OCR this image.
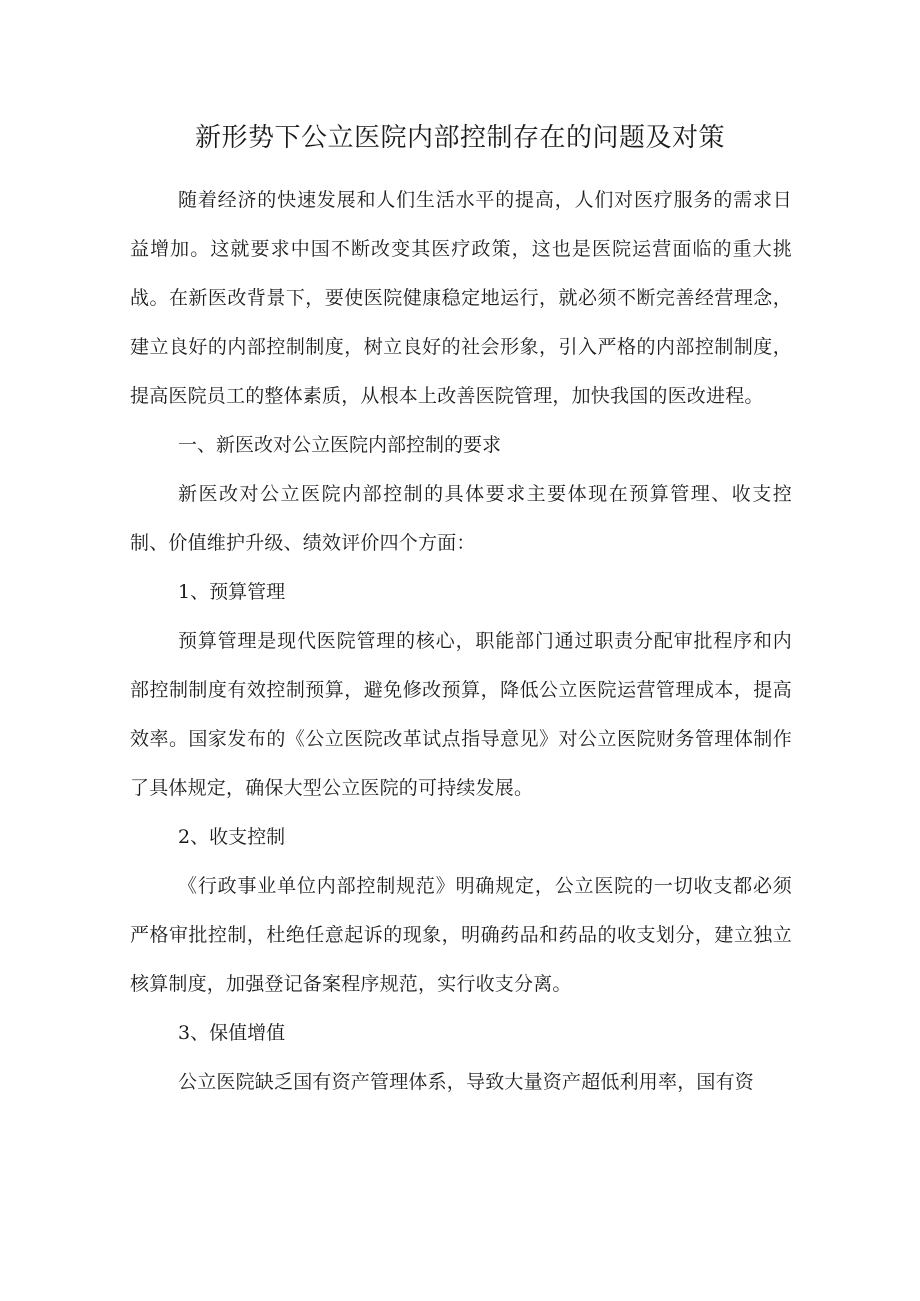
新形势下公立医院内部控制存在的问题及对策

随着经济的快速发展和人们生活水平的提高，人们对医疗服务的需求日益增加。这就要求中国不断改变其医疗政策，这也是医院运营面临的重大挑战。在新医改背景下，要使医院健康稳定地运行，就必须不断完善经营理念，建立良好的内部控制制度，树立良好的社会形象，引入严格的内部控制制度，提高医院员工的整体素质，从根本上改善医院管理，加快我国的医改进程。

一、新医改对公立医院内部控制的要求

新医改对公立医院内部控制的具体要求主要体现在预算管理、收支控制、价值维护升级、绩效评价四个方面：

1、预算管理

预算管理是现代医院管理的核心，职能部门通过职责分配审批程序和内部控制制度有效控制预算，避免修改预算，降低公立医院运营管理成本，提高效率。国家发布的《公立医院改革试点指导意见》对公立医院财务管理体制作了具体规定，确保大型公立医院的可持续发展。

2、收支控制

《行政事业单位内部控制规范》明确规定，公立医院的一切收支都必须严格审批控制，杜绝任意起诉的现象，明确药品和药品的收支划分，建立独立核算制度，加强登记备案程序规范，实行收支分离。

3、保值增值

公立医院缺乏国有资产管理体系，导致大量资产超低利用率，国有资
